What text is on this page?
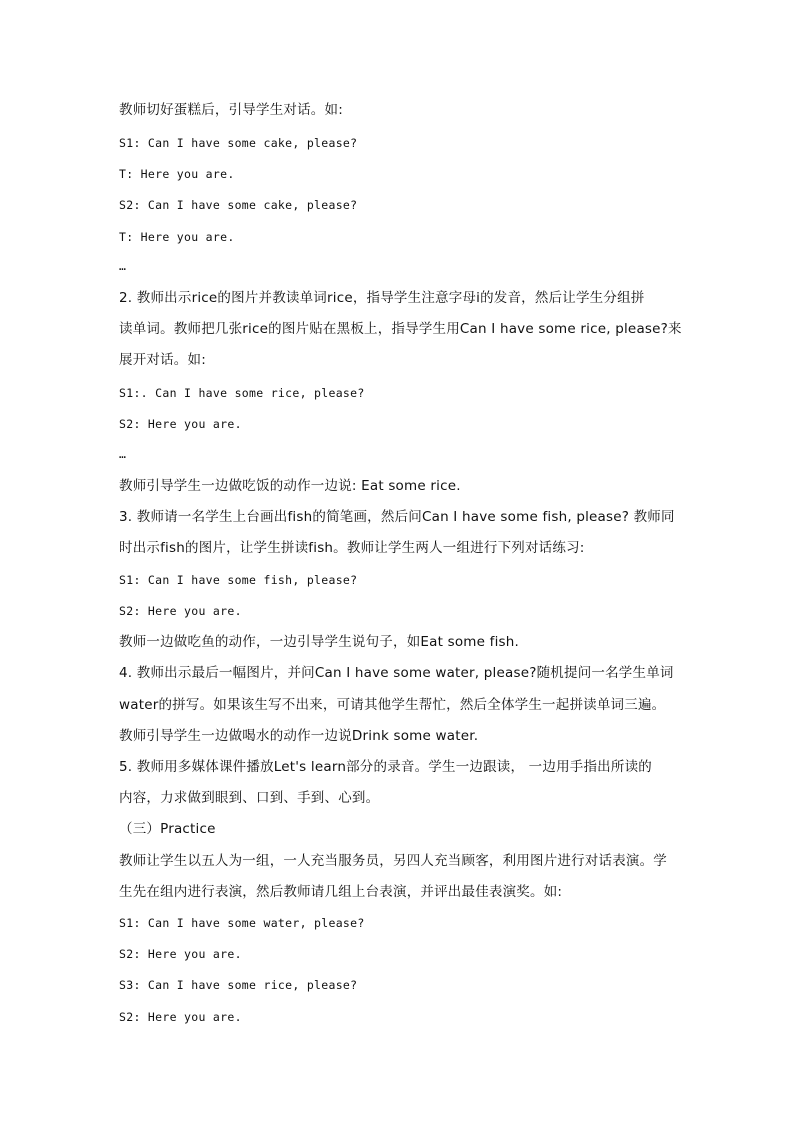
教师切好蛋糕后，引导学生对话。如:
S1: Can I have some cake, please?
T: Here you are.
S2: Can I have some cake, please?
T: Here you are.
…
2. 教师出示rice的图片并教读单词rice，指导学生注意字母i的发音，然后让学生分组拼
读单词。教师把几张rice的图片贴在黑板上，指导学生用Can I have some rice, please?来
展开对话。如:
S1:. Can I have some rice, please?
S2: Here you are.
…
教师引导学生一边做吃饭的动作一边说: Eat some rice.
3. 教师请一名学生上台画出fish的简笔画，然后问Can I have some fish, please? 教师同
时出示fish的图片，让学生拼读fish。教师让学生两人一组进行下列对话练习:
S1: Can I have some fish, please?
S2: Here you are.
教师一边做吃鱼的动作，一边引导学生说句子，如Eat some fish.
4. 教师出示最后一幅图片，并问Can I have some water, please?随机提问一名学生单词
water的拼写。如果该生写不出来，可请其他学生帮忙，然后全体学生一起拼读单词三遍。
教师引导学生一边做喝水的动作一边说Drink some water.
5. 教师用多媒体课件播放Let's learn部分的录音。学生一边跟读， 一边用手指出所读的
内容，力求做到眼到、口到、手到、心到。
（三）Practice
教师让学生以五人为一组，一人充当服务员，另四人充当顾客，利用图片进行对话表演。学
生先在组内进行表演，然后教师请几组上台表演，并评出最佳表演奖。如:
S1: Can I have some water, please?
S2: Here you are.
S3: Can I have some rice, please?
S2: Here you are.
